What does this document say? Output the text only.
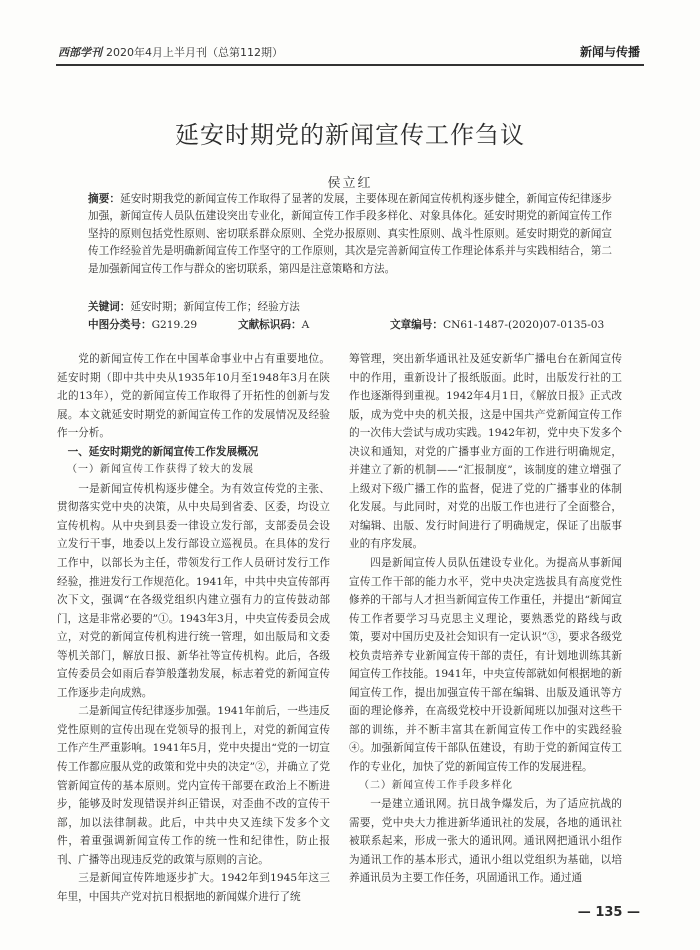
西部学刊 2020年4月上半月刊（总第112期）	新闻与传播
延安时期党的新闻宣传工作刍议
侯立红
摘要：延安时期我党的新闻宣传工作取得了显著的发展，主要体现在新闻宣传机构逐步健全，新闻宣传纪律逐步加强，新闻宣传人员队伍建设突出专业化，新闻宣传工作手段多样化、对象具体化。延安时期党的新闻宣传工作坚持的原则包括党性原则、密切联系群众原则、全党办报原则、真实性原则、战斗性原则。延安时期党的新闻宣传工作经验首先是明确新闻宣传工作坚守的工作原则，其次是完善新闻宣传工作理论体系并与实践相结合，第二是加强新闻宣传工作与群众的密切联系，第四是注意策略和方法。
关键词：延安时期；新闻宣传工作；经验方法
中图分类号： G219.29	文献标识码： A	文章编号： CN61-1487-(2020)07-0135-03

党的新闻宣传工作在中国革命事业中占有重要地位。延安时期（即中共中央从1935年10月至1948年3月在陕北的13年），党的新闻宣传工作取得了开拓性的创新与发展。本文就延安时期党的新闻宣传工作的发展情况及经验作一分析。

一、延安时期党的新闻宣传工作发展概况

（一）新闻宣传工作获得了较大的发展

一是新闻宣传机构逐步健全。为有效宣传党的主张、贯彻落实党中央的决策，从中央局到省委、区委，均设立宣传机构。从中央到县委一律设立发行部，支部委员会设立发行干事，地委以上发行部设立巡视员。在具体的发行工作中，以部长为主任，带领发行工作人员研讨发行工作经验，推进发行工作规范化。1941年，中共中央宣传部再次下文，强调“在各级党组织内建立强有力的宣传鼓动部门，这是非常必要的”①。1943年3月，中央宣传委员会成立，对党的新闻宣传机构进行统一管理，如出版局和文委等机关部门，解放日报、新华社等宣传机构。此后，各级宣传委员会如雨后春笋般蓬勃发展，标志着党的新闻宣传工作逐步走向成熟。

二是新闻宣传纪律逐步加强。1941年前后，一些违反党性原则的宣传出现在党领导的报刊上，对党的新闻宣传工作产生严重影响。1941年5月，党中央提出“党的一切宣传工作都应服从党的政策和党中央的决定”②，并确立了党管新闻宣传的基本原则。党内宣传干部要在政治上不断进步，能够及时发现错误并纠正错误，对歪曲不改的宣传干部，加以法律制裁。此后，中共中央又连续下发多个文件，着重强调新闻宣传工作的统一性和纪律性，防止报刊、广播等出现违反党的政策与原则的言论。

三是新闻宣传阵地逐步扩大。1942年到1945年这三年里，中国共产党对抗日根据地的新闻媒介进行了统

筹管理，突出新华通讯社及延安新华广播电台在新闻宣传中的作用，重新设计了报纸版面。此时，出版发行社的工作也逐渐得到重视。1942年4月1日，《解放日报》正式改版，成为党中央的机关报，这是中国共产党新闻宣传工作的一次伟大尝试与成功实践。1942年初，党中央下发多个决议和通知，对党的广播事业方面的工作进行明确规定，并建立了新的机制——“汇报制度”，该制度的建立增强了上级对下级广播工作的监督，促进了党的广播事业的体制化发展。与此同时，对党的出版工作也进行了全面整合，对编辑、出版、发行时间进行了明确规定，保证了出版事业的有序发展。

四是新闻宣传人员队伍建设专业化。为提高从事新闻宣传工作干部的能力水平，党中央决定选拔具有高度党性修养的干部与人才担当新闻宣传工作重任，并提出“新闻宣传工作者要学习马克思主义理论，要熟悉党的路线与政策，要对中国历史及社会知识有一定认识”③，要求各级党校负责培养专业新闻宣传干部的责任，有计划地训练其新闻宣传工作技能。1941年，中央宣传部就如何根据地的新闻宣传工作，提出加强宣传干部在编辑、出版及通讯等方面的理论修养，在高级党校中开设新闻班以加强对这些干部的训练，并不断丰富其在新闻宣传工作中的实践经验④。加强新闻宣传干部队伍建设，有助于党的新闻宣传工作的专业化，加快了党的新闻宣传工作的发展进程。

（二）新闻宣传工作手段多样化

一是建立通讯网。抗日战争爆发后，为了适应抗战的需要，党中央大力推进新华通讯社的发展，各地的通讯社被联系起来，形成一张大的通讯网。通讯网把通讯小组作为通讯工作的基本形式，通讯小组以党组织为基础，以培养通讯员为主要工作任务，巩固通讯工作。通过通

— 135 —
